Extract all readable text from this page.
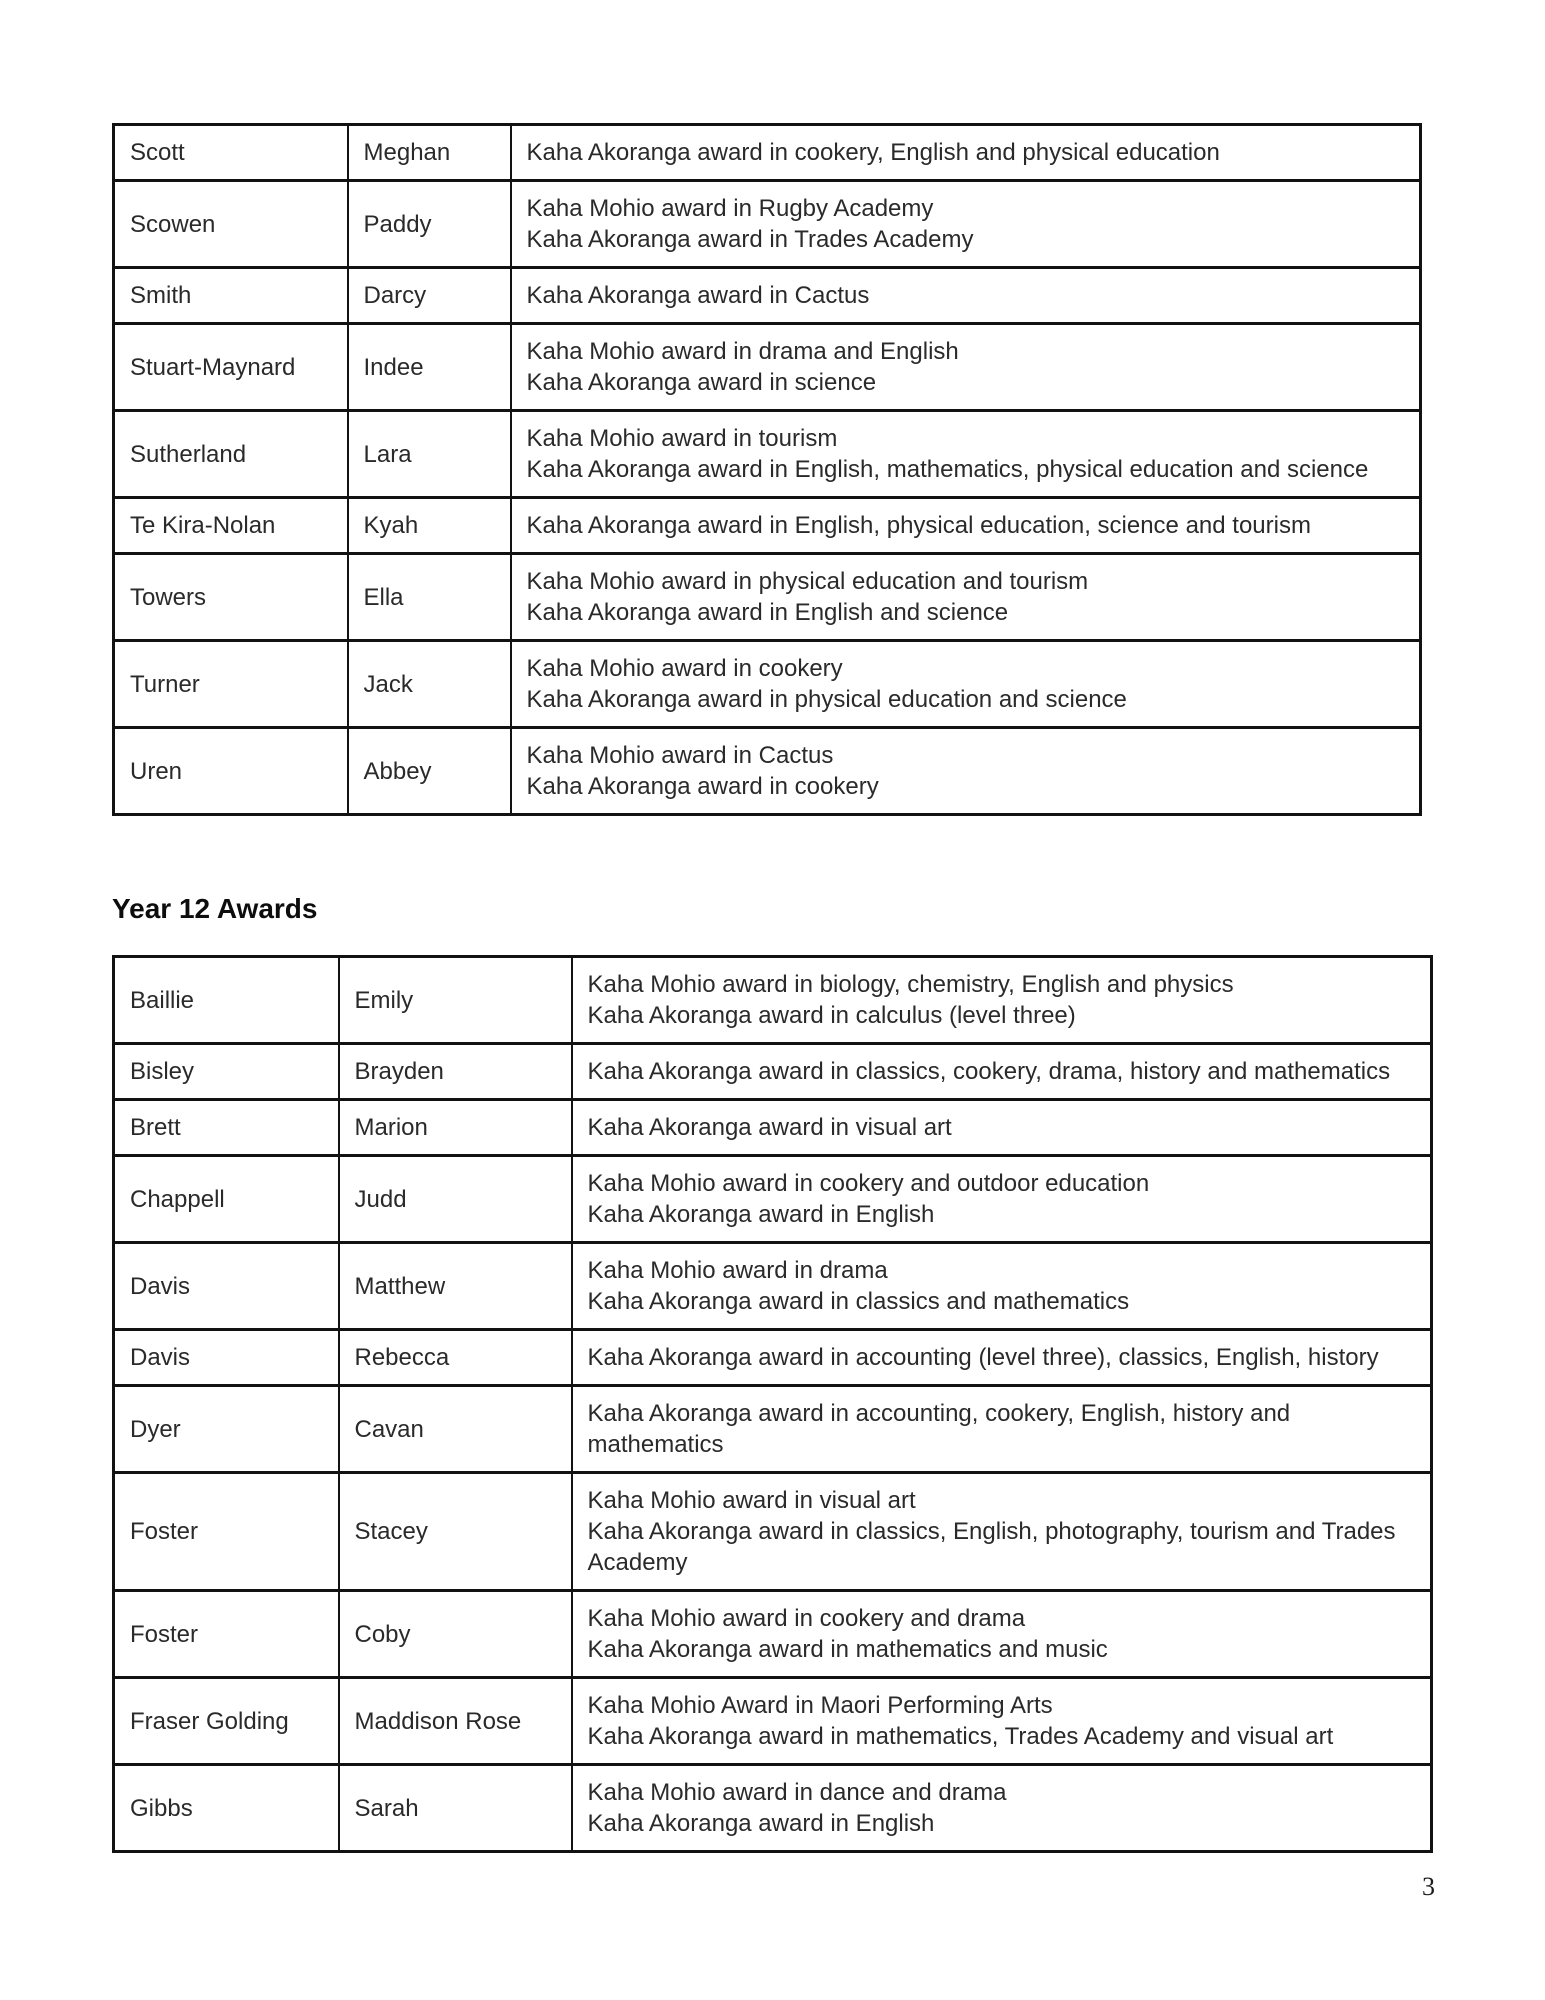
Scott	Meghan	Kaha Akoranga award in cookery, English and physical education

Scowen	Paddy	Kaha Mohio award in Rugby Academy
Kaha Akoranga award in Trades Academy

Smith	Darcy	Kaha Akoranga award in Cactus

Stuart-Maynard	Indee	Kaha Mohio award in drama and English
Kaha Akoranga award in science

Sutherland	Lara	Kaha Mohio award in tourism
Kaha Akoranga award in English, mathematics, physical education and science

Te Kira-Nolan	Kyah	Kaha Akoranga award in English, physical education, science and tourism

Towers	Ella	Kaha Mohio award in physical education and tourism
Kaha Akoranga award in English and science

Turner	Jack	Kaha Mohio award in cookery
Kaha Akoranga award in physical education and science

Uren	Abbey	Kaha Mohio award in Cactus
Kaha Akoranga award in cookery
Year 12 Awards
Baillie	Emily	Kaha Mohio award in biology, chemistry, English and physics
Kaha Akoranga award in calculus (level three)

Bisley	Brayden	Kaha Akoranga award in classics, cookery, drama, history and mathematics

Brett	Marion	Kaha Akoranga award in visual art

Chappell	Judd	Kaha Mohio award in cookery and outdoor education
Kaha Akoranga award in English

Davis	Matthew	Kaha Mohio award in drama
Kaha Akoranga award in classics and mathematics

Davis	Rebecca	Kaha Akoranga award in accounting (level three), classics, English, history

Dyer	Cavan	Kaha Akoranga award in accounting, cookery, English, history and mathematics

Foster	Stacey	Kaha Mohio award in visual art
Kaha Akoranga award in classics, English, photography, tourism and Trades Academy

Foster	Coby	Kaha Mohio award in cookery and drama
Kaha Akoranga award in mathematics and music

Fraser Golding	Maddison Rose	Kaha Mohio Award in Maori Performing Arts
Kaha Akoranga award in mathematics, Trades Academy and visual art

Gibbs	Sarah	Kaha Mohio award in dance and drama
Kaha Akoranga award in English
3
